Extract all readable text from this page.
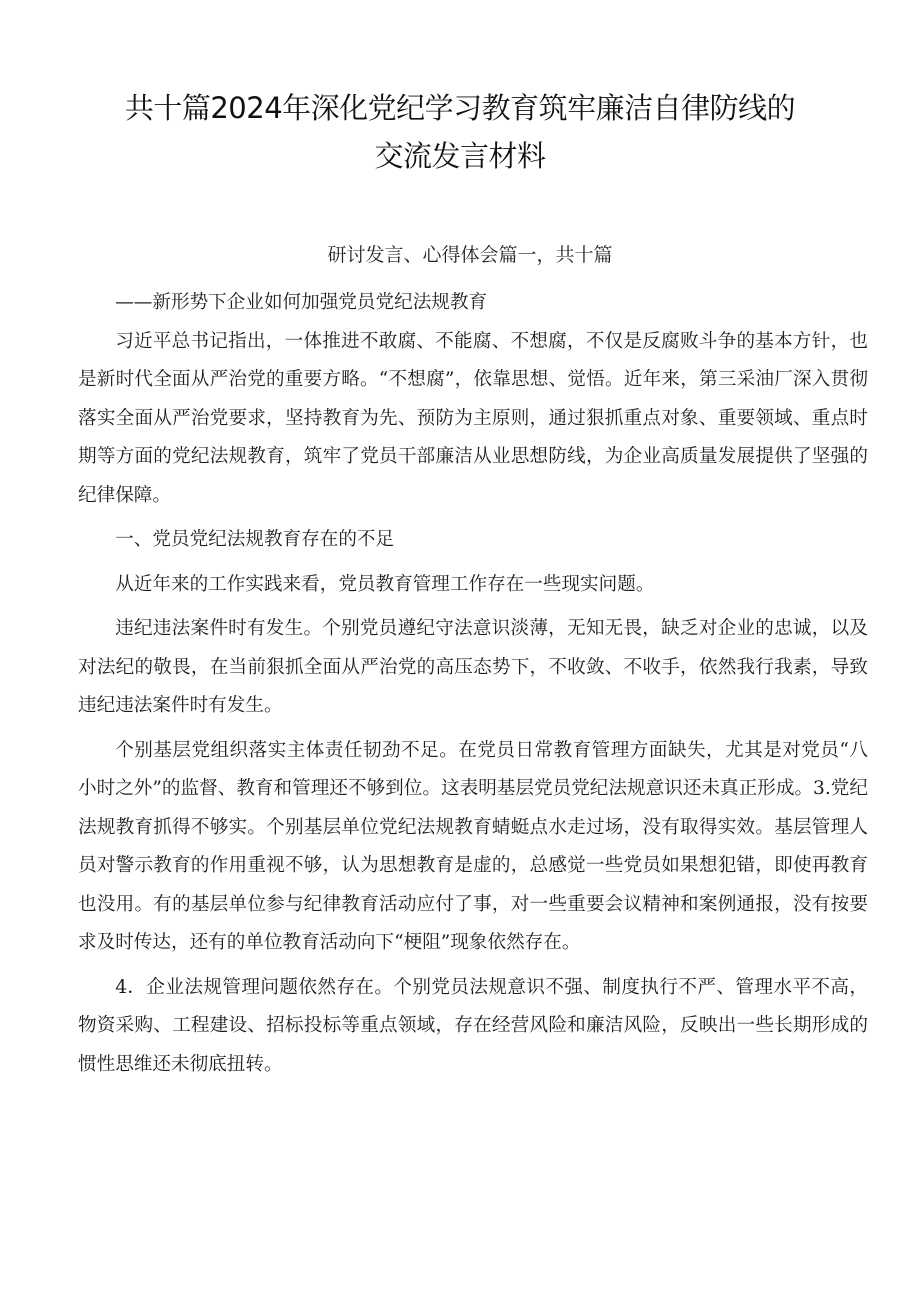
共十篇2024年深化党纪学习教育筑牢廉洁自律防线的
交流发言材料
研讨发言、心得体会篇一，共十篇

——新形势下企业如何加强党员党纪法规教育

习近平总书记指出，一体推进不敢腐、不能腐、不想腐，不仅是反腐败斗争的基本方针，也是新时代全面从严治党的重要方略。“不想腐”，依靠思想、觉悟。近年来，第三采油厂深入贯彻落实全面从严治党要求，坚持教育为先、预防为主原则，通过狠抓重点对象、重要领域、重点时期等方面的党纪法规教育，筑牢了党员干部廉洁从业思想防线，为企业高质量发展提供了坚强的纪律保障。

一、党员党纪法规教育存在的不足

从近年来的工作实践来看，党员教育管理工作存在一些现实问题。

违纪违法案件时有发生。个别党员遵纪守法意识淡薄，无知无畏，缺乏对企业的忠诚，以及对法纪的敬畏，在当前狠抓全面从严治党的高压态势下，不收敛、不收手，依然我行我素，导致违纪违法案件时有发生。

个别基层党组织落实主体责任韧劲不足。在党员日常教育管理方面缺失，尤其是对党员“八小时之外”的监督、教育和管理还不够到位。这表明基层党员党纪法规意识还未真正形成。3.党纪法规教育抓得不够实。个别基层单位党纪法规教育蜻蜓点水走过场，没有取得实效。基层管理人员对警示教育的作用重视不够，认为思想教育是虚的，总感觉一些党员如果想犯错，即使再教育也没用。有的基层单位参与纪律教育活动应付了事，对一些重要会议精神和案例通报，没有按要求及时传达，还有的单位教育活动向下“梗阻”现象依然存在。

4．企业法规管理问题依然存在。个别党员法规意识不强、制度执行不严、管理水平不高，物资采购、工程建设、招标投标等重点领域，存在经营风险和廉洁风险，反映出一些长期形成的惯性思维还未彻底扭转。
